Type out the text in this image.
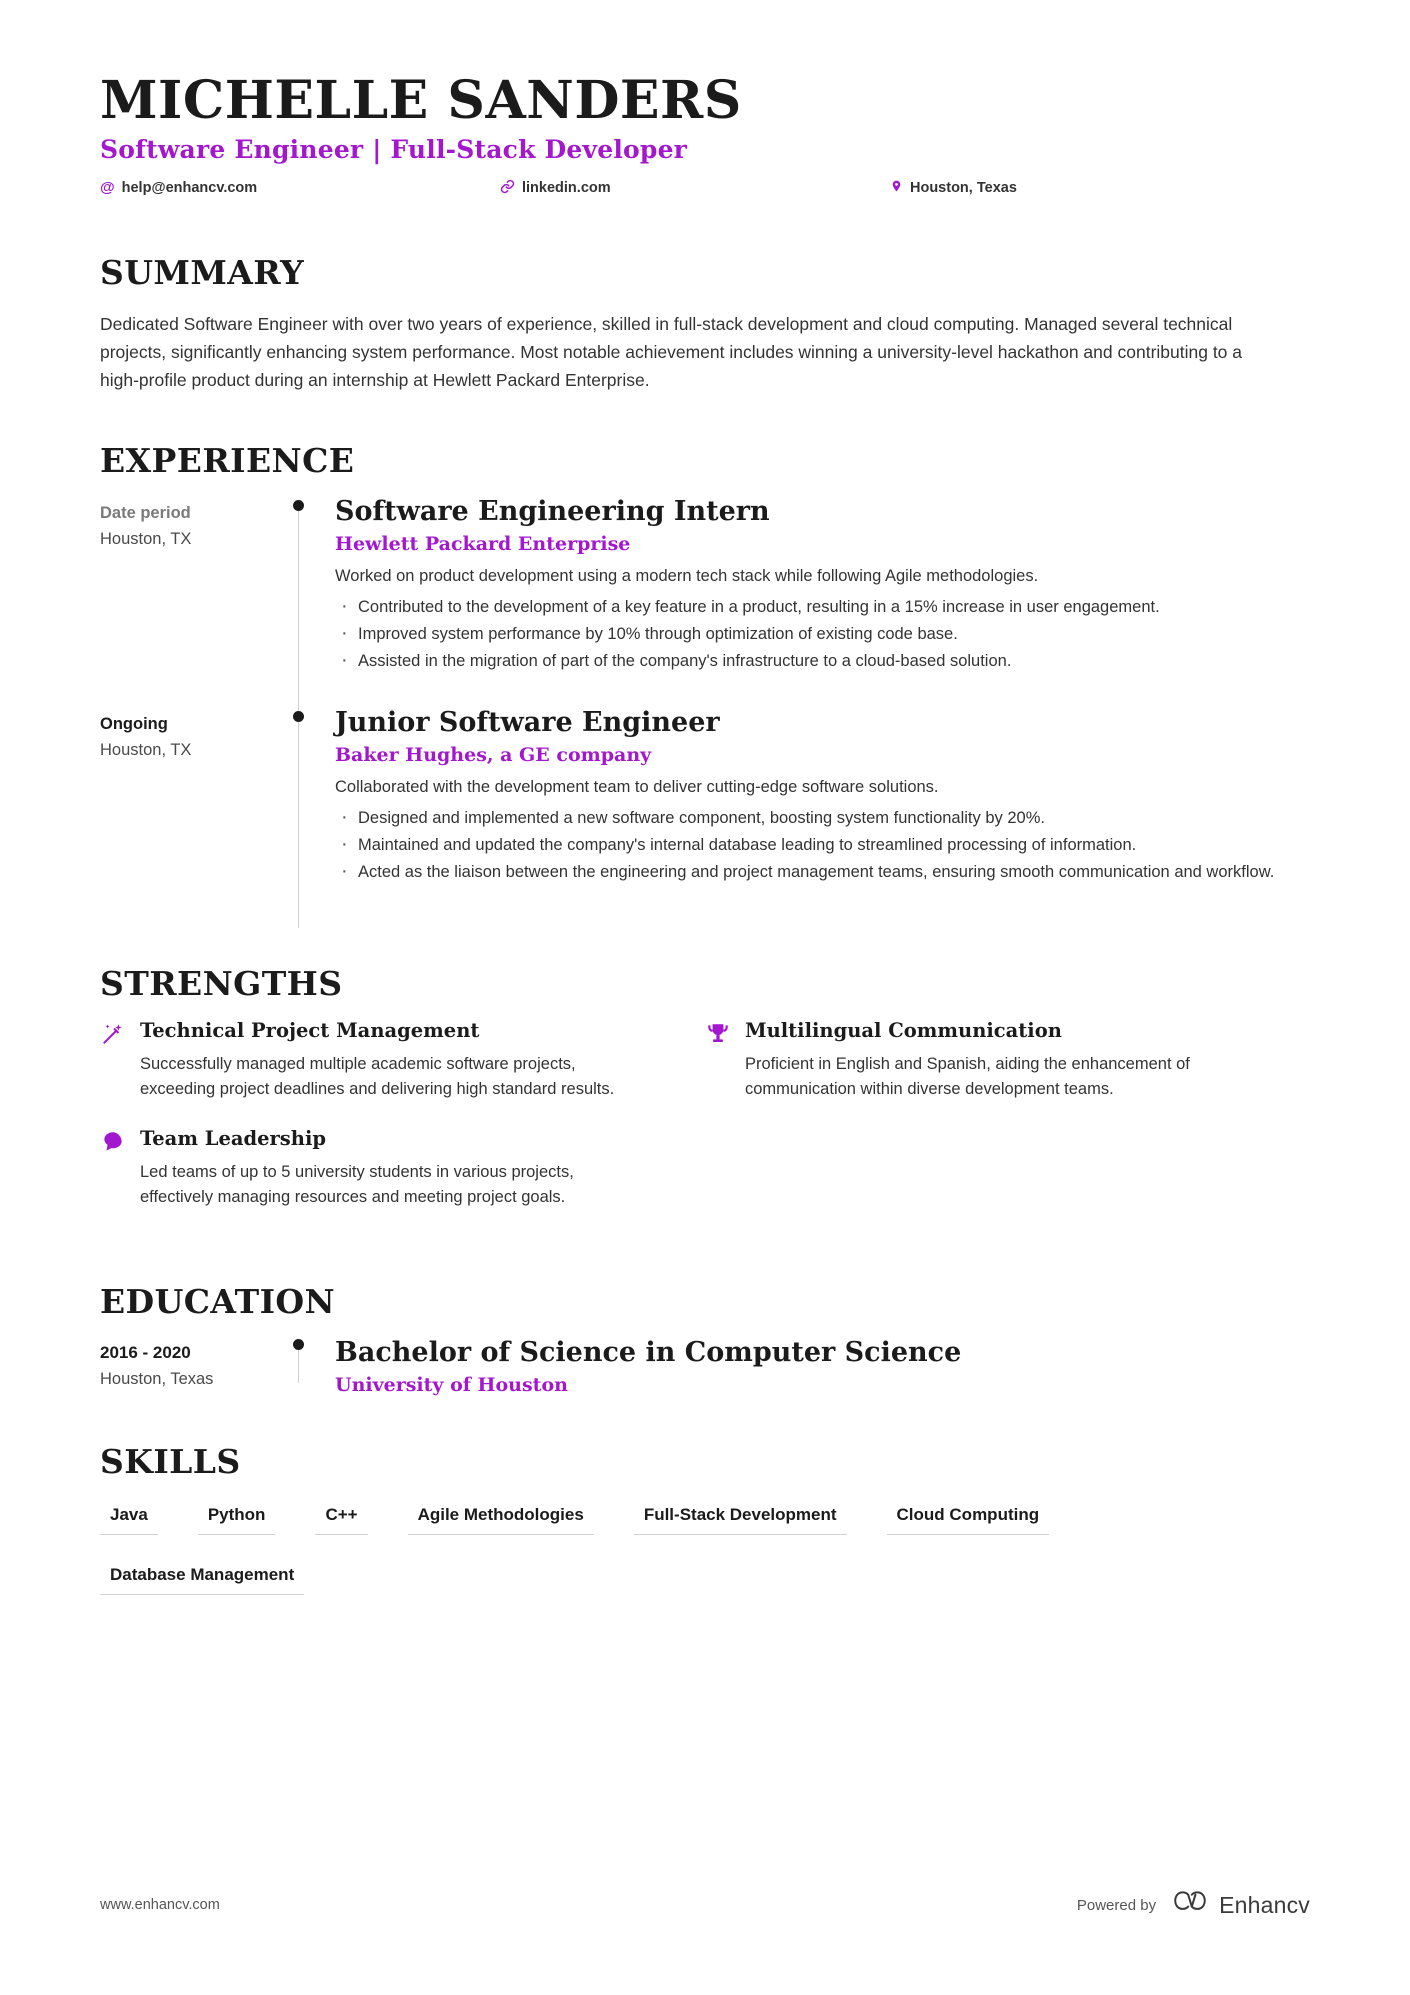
MICHELLE SANDERS
Software Engineer | Full-Stack Developer
@ help@enhancv.com	linkedin.com	Houston, Texas
SUMMARY

Dedicated Software Engineer with over two years of experience, skilled in full-stack development and cloud computing. Managed several technical projects, significantly enhancing system performance. Most notable achievement includes winning a university-level hackathon and contributing to a high-profile product during an internship at Hewlett Packard Enterprise.

EXPERIENCE
Date period
Houston, TX
Software Engineering Intern
Hewlett Packard Enterprise

Worked on product development using a modern tech stack while following Agile methodologies.

· Contributed to the development of a key feature in a product, resulting in a 15% increase in user engagement.
· Improved system performance by 10% through optimization of existing code base.
· Assisted in the migration of part of the company's infrastructure to a cloud-based solution.
Ongoing
Houston, TX
Junior Software Engineer
Baker Hughes, a GE company

Collaborated with the development team to deliver cutting-edge software solutions.

· Designed and implemented a new software component, boosting system functionality by 20%.
· Maintained and updated the company's internal database leading to streamlined processing of information.
· Acted as the liaison between the engineering and project management teams, ensuring smooth communication and workflow.
STRENGTHS
Technical Project Management

Successfully managed multiple academic software projects, exceeding project deadlines and delivering high standard results.

Multilingual Communication

Proficient in English and Spanish, aiding the enhancement of communication within diverse development teams.

Team Leadership

Led teams of up to 5 university students in various projects, effectively managing resources and meeting project goals.

EDUCATION
2016 - 2020
Houston, Texas
Bachelor of Science in Computer Science
University of Houston
SKILLS
Java	Python	C++	Agile Methodologies	Full-Stack Development	Cloud Computing
Database Management
www.enhancv.com	Powered by	Enhancv
